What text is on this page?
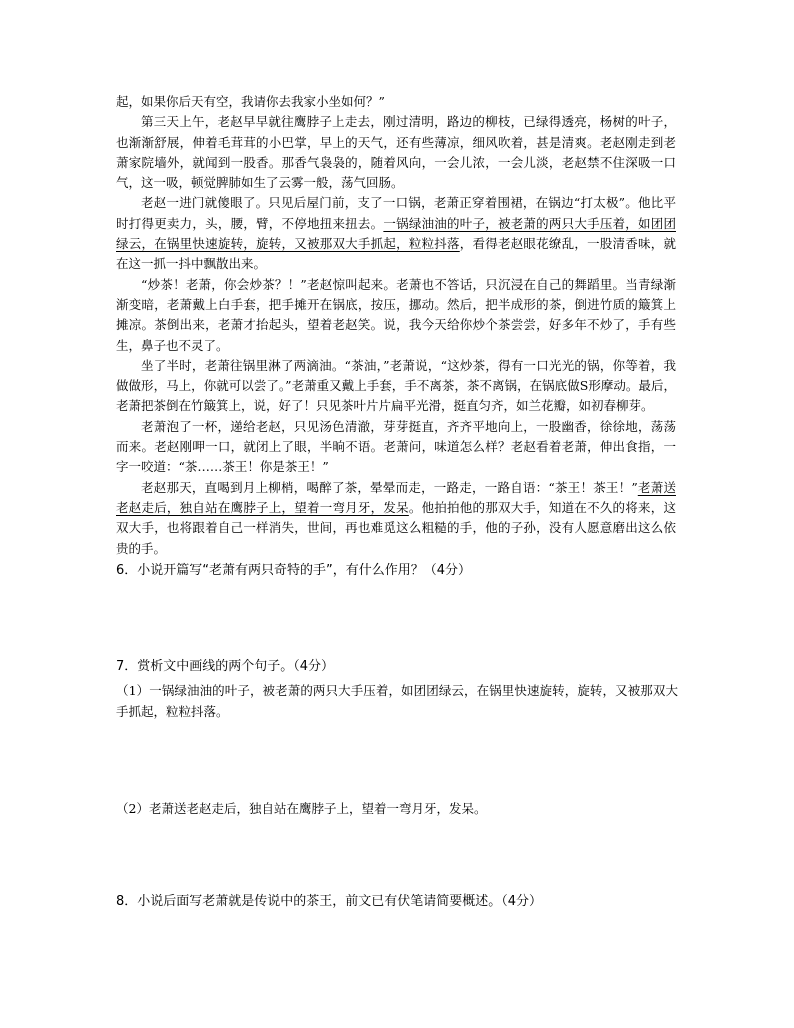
起，如果你后天有空，我请你去我家小坐如何？”

第三天上午，老赵早早就往鹰脖子上走去，刚过清明，路边的柳枝，已绿得透亮，杨树的叶子，也渐渐舒展，伸着毛茸茸的小巴掌，早上的天气，还有些薄凉，细风吹着，甚是清爽。老赵刚走到老萧家院墙外，就闻到一股香。那香气袅袅的，随着风向，一会儿浓，一会儿淡，老赵禁不住深吸一口气，这一吸，顿觉脾肺如生了云雾一般，荡气回肠。

老赵一进门就傻眼了。只见后屋门前，支了一口锅，老萧正穿着围裙，在锅边“打太极”。他比平时打得更卖力，头，腰，臂，不停地扭来扭去。一锅绿油油的叶子，被老萧的两只大手压着，如团团绿云，在锅里快速旋转，旋转，又被那双大手抓起，粒粒抖落，看得老赵眼花缭乱，一股清香味，就在这一抓一抖中飘散出来。

“炒茶！老萧，你会炒茶？！”老赵惊叫起来。老萧也不答话，只沉浸在自己的舞蹈里。当青绿渐渐变暗，老萧戴上白手套，把手摊开在锅底，按压，挪动。然后，把半成形的茶，倒进竹质的簸箕上摊凉。茶倒出来，老萧才抬起头，望着老赵笑。说，我今天给你炒个茶尝尝，好多年不炒了，手有些生，鼻子也不灵了。

坐了半时，老萧往锅里淋了两滴油。“茶油，”老萧说，“这炒茶，得有一口光光的锅，你等着，我做做形，马上，你就可以尝了。”老萧重又戴上手套，手不离茶，茶不离锅，在锅底做S形摩动。最后，老萧把茶倒在竹簸箕上，说，好了！只见茶叶片片扁平光滑，挺直匀齐，如兰花瓣，如初春柳芽。

老萧泡了一杯，递给老赵，只见汤色清澈，芽芽挺直，齐齐平地向上，一股幽香，徐徐地，荡荡而来。老赵刚呷一口，就闭上了眼，半晌不语。老萧问，味道怎么样？老赵看着老萧，伸出食指，一字一咬道：“茶……茶王！你是茶王！”

老赵那天，直喝到月上柳梢，喝醉了茶，晕晕而走，一路走，一路自语：“茶王！茶王！”老萧送老赵走后，独自站在鹰脖子上，望着一弯月牙，发呆。他拍拍他的那双大手，知道在不久的将来，这双大手，也将跟着自己一样消失，世间，再也难觅这么粗糙的手，他的子孙，没有人愿意磨出这么依贵的手。

6．小说开篇写“老萧有两只奇特的手”，有什么作用？（4分）

7．赏析文中画线的两个句子。（4分）

（1）一锅绿油油的叶子，被老萧的两只大手压着，如团团绿云，在锅里快速旋转，旋转，又被那双大手抓起，粒粒抖落。

（2）老萧送老赵走后，独自站在鹰脖子上，望着一弯月牙，发呆。

8．小说后面写老萧就是传说中的茶王，前文已有伏笔请简要概述。（4分）
